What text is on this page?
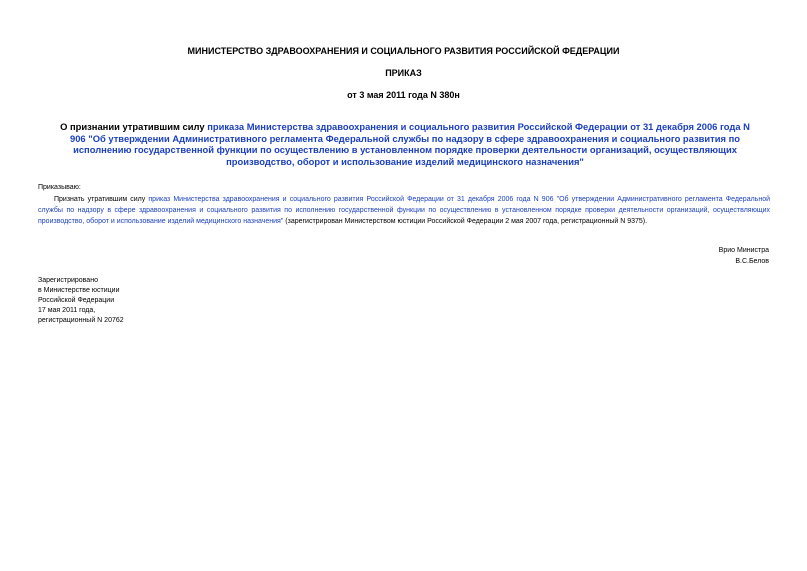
МИНИСТЕРСТВО ЗДРАВООХРАНЕНИЯ И СОЦИАЛЬНОГО РАЗВИТИЯ РОССИЙСКОЙ ФЕДЕРАЦИИ
ПРИКАЗ
от 3 мая 2011 года N 380н
О признании утратившим силу приказа Министерства здравоохранения и социального развития Российской Федерации от 31 декабря 2006 года N 906 "Об утверждении Административного регламента Федеральной службы по надзору в сфере здравоохранения и социального развития по исполнению государственной функции по осуществлению в установленном порядке проверки деятельности организаций, осуществляющих производство, оборот и использование изделий медицинского назначения"
Приказываю:
Признать утратившим силу приказ Министерства здравоохранения и социального развития Российской Федерации от 31 декабря 2006 года N 906 "Об утверждении Административного регламента Федеральной службы по надзору в сфере здравоохранения и социального развития по исполнению государственной функции по осуществлению в установленном порядке проверки деятельности организаций, осуществляющих производство, оборот и использование изделий медицинского назначения" (зарегистрирован Министерством юстиции Российской Федерации 2 мая 2007 года, регистрационный N 9375).
Врио Министра
В.С.Белов
Зарегистрировано
в Министерстве юстиции
Российской Федерации
17 мая 2011 года,
регистрационный N 20762
